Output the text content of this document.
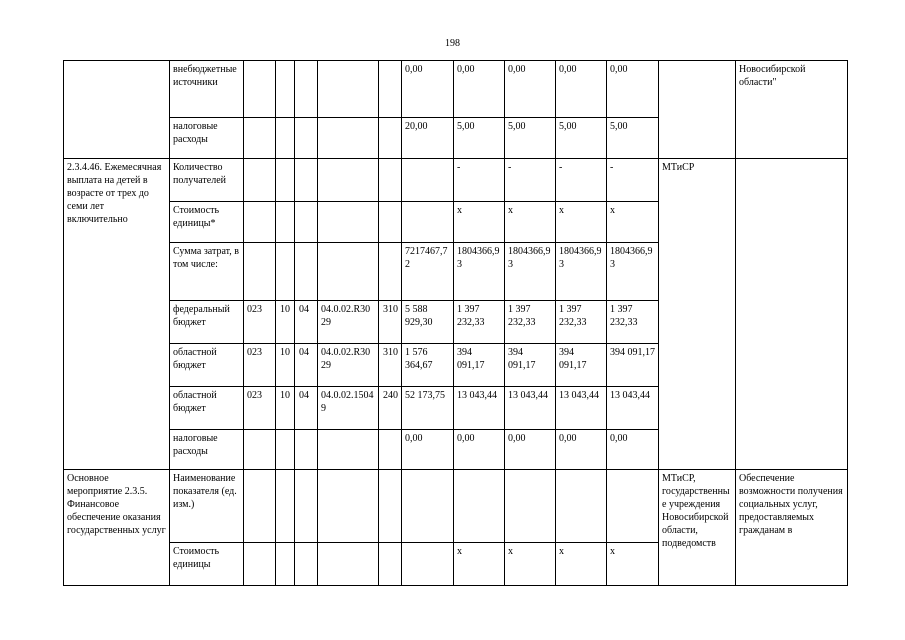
198
	внебюджетные источники						0,00	0,00	0,00	0,00	0,00		Новосибирской области"
	налоговые расходы						20,00	5,00	5,00	5,00	5,00		
2.3.4.46. Ежемесячная выплата на детей в возрасте от трех до семи лет включительно	Количество получателей							-	-	-	-	МТиСР	
	Стоимость единицы*							x	x	x	x		
	Сумма затрат, в том числе:						7217467,72	1804366,93	1804366,93	1804366,93	1804366,93		
	федеральный бюджет	023	10	04	04.0.02.R3029	310	5 588 929,30	1 397 232,33	1 397 232,33	1 397 232,33	1 397 232,33		
	областной бюджет	023	10	04	04.0.02.R3029	310	1 576 364,67	394 091,17	394 091,17	394 091,17	394 091,17		
	областной бюджет	023	10	04	04.0.02.15049	240	52 173,75	13 043,44	13 043,44	13 043,44	13 043,44		
	налоговые расходы						0,00	0,00	0,00	0,00	0,00		
Основное мероприятие 2.3.5. Финансовое обеспечение оказания государственных услуг	Наименование показателя (ед. изм.)											МТиСР, государственные учреждения Новосибирской области, подведомств	Обеспечение возможности получения социальных услуг, предоставляемых гражданам в
	Стоимость единицы							x	x	x	x		
